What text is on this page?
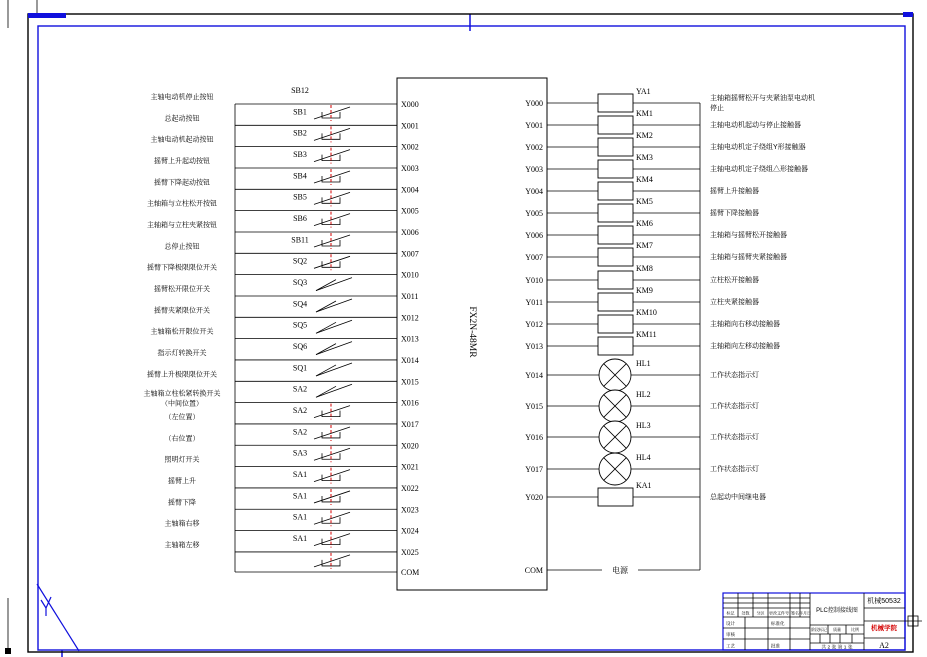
FX2N-48MR
COM	COM	电源
SB12
主轴电动机停止按钮
X000
SB1
总起动按钮
X001
SB2
主轴电动机起动按钮
X002
SB3
摇臂上升起动按钮
X003
SB4
摇臂下降起动按钮
X004
SB5
主轴箱与立柱松开按钮
X005
SB6
主轴箱与立柱夹紧按钮
X006
SB11
总停止按钮
X007
SQ2
摇臂下降极限限位开关
X010
SQ3
摇臂松开限位开关
X011
SQ4
摇臂夹紧限位开关
X012
SQ5
主轴箱松开限位开关
X013
SQ6
指示灯转换开关
X014
SQ1
摇臂上升极限限位开关
X015
SA2
主轴箱立柱松紧转换开关
（中间位置）	X016
SA2
（左位置）
X017
SA2
（右位置）
X020
SA3
照明灯开关
X021
SA1
摇臂上升
X022
SA1
摇臂下降
X023
SA1
主轴箱右移
X024
SA1
主轴箱左移
X025
YA1
主轴箱摇臂松开与夹紧油泵电动机
停止
Y000
KM1
主轴电动机起动与停止接触器
Y001
KM2
主轴电动机定子绕组Y形接触器
Y002
KM3
主轴电动机定子绕组△形接触器
Y003
KM4
摇臂上升接触器
Y004
KM5
摇臂下降接触器
Y005
KM6
主轴箱与摇臂松开接触器
Y006
KM7
主轴箱与摇臂夹紧接触器
Y007
KM8
立柱松开接触器
Y010
KM9
立柱夹紧接触器
Y011
KM10
主轴箱向右移动接触器
Y012
KM11
主轴箱向左移动接触器
Y013
HL1
工作状态指示灯
Y014
HL2
工作状态指示灯
Y015
HL3
工作状态指示灯
Y016
HL4
工作状态指示灯
Y017
KA1
总起动中间继电器
Y020
机械50532
机械学院
A2
PLC控制接线图
共 2 张 第 1 张
阶段标记 质量	比例
标记 处数 分区 更改文件号 签名 年月日
设计	标准化
审核
工艺	批准
